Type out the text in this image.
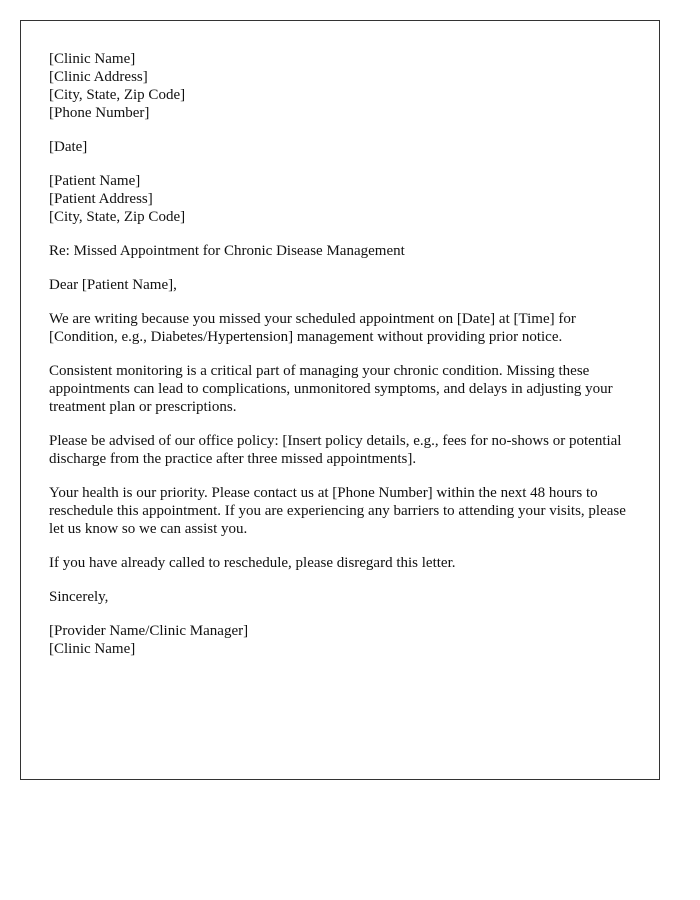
[Clinic Name]
[Clinic Address]
[City, State, Zip Code]
[Phone Number]
[Date]
[Patient Name]
[Patient Address]
[City, State, Zip Code]

Re: Missed Appointment for Chronic Disease Management

Dear [Patient Name],

We are writing because you missed your scheduled appointment on [Date] at [Time] for [Condition, e.g., Diabetes/Hypertension] management without providing prior notice.

Consistent monitoring is a critical part of managing your chronic condition. Missing these appointments can lead to complications, unmonitored symptoms, and delays in adjusting your treatment plan or prescriptions.

Please be advised of our office policy: [Insert policy details, e.g., fees for no-shows or potential discharge from the practice after three missed appointments].

Your health is our priority. Please contact us at [Phone Number] within the next 48 hours to reschedule this appointment. If you are experiencing any barriers to attending your visits, please let us know so we can assist you.

If you have already called to reschedule, please disregard this letter.

Sincerely,

[Provider Name/Clinic Manager]
[Clinic Name]
